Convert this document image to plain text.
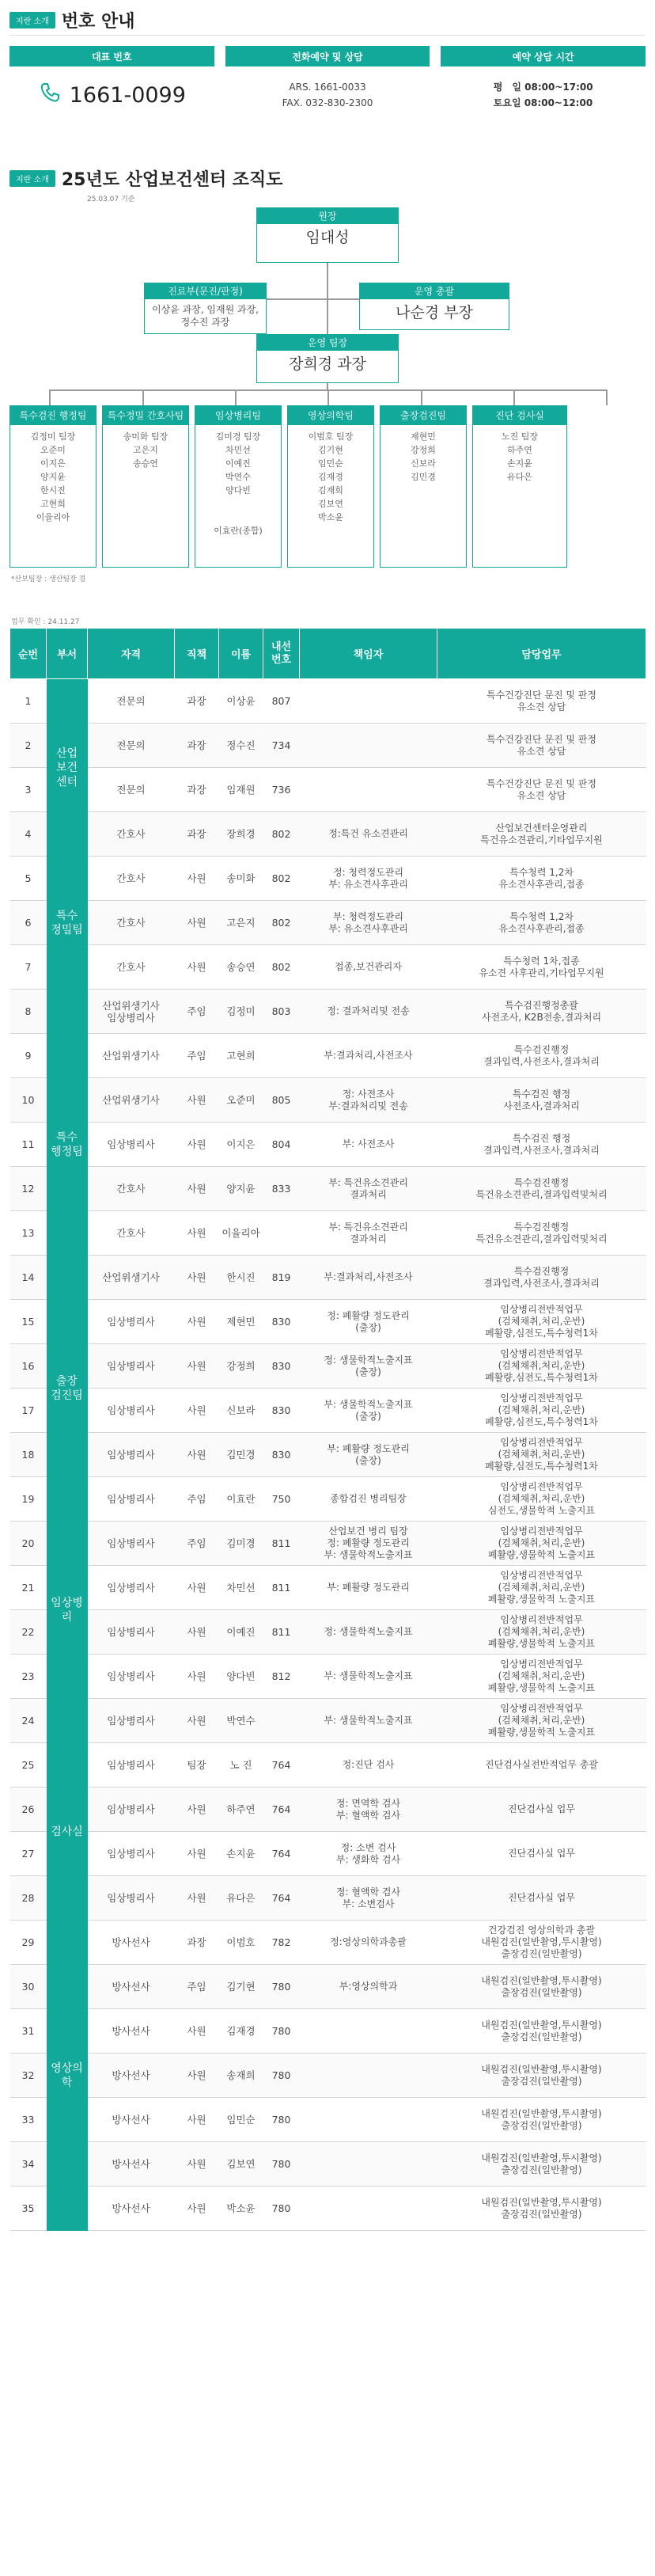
지란 소개 번호 안내
대표 번호	전화예약 및 상담	예약 상담 시간
1661-0099	ARS. 1661-0033
FAX. 032-830-2300
평　일 08:00~17:00
토요일 08:00~12:00
지란 소개 25년도 산업보건센터 조직도
25.03.07 기준
원장
임대성
진료부(문진/판정)
이상윤 과장, 임재원 과장, 정수진 과장
운영 총괄
나순경 부장
운영 팀장
장희경 과장
특수검진 행정팀
김정미 팀장
오준미
이지은
양지윤
한시진
고현희
이율리아
특수정밀 간호사팀
송미화 팀장
고은지
송승연
임상병리팀
김미경 팀장
차민선
이예진
박연수
양다빈
이효란(종합)
영상의학팀
이범호 팀장
김기현
임민순
김재경
김재희
김보연
박소윤
출장검진팀
제현민
강정희
신보라
김민경
진단 검사실
노진 팀장
하주연
손지윤
유다은
*산보팀장 : 생산팀장 겸
업무 확인 : 24.11.27
순번	부서	자격	직책	이름	내선
번호	책임자	담당업무
1	산업
보건
센터	전문의	과장	이상윤	807		특수건강진단 문진 및 판정
유소견 상담
2		전문의	과장	정수진	734		특수건강진단 문진 및 판정
유소견 상담
3		전문의	과장	임재원	736		특수건강진단 문진 및 판정
유소견 상담
4		간호사	과장	장희경	802	정:특건 유소견관리	산업보건센터운영관리
특건유소견관리,기타업무지원
5	특수
정밀팀	간호사	사원	송미화	802	정: 청력정도관리
부: 유소견사후관리	특수청력 1,2차
유소견사후관리,접종
6		간호사	사원	고은지	802	부: 청력정도관리
부: 유소견사후관리	특수청력 1,2차
유소견사후관리,접종
7		간호사	사원	송승연	802	접종,보건관리자	특수청력 1차,접종
유소견 사후관리,기타업무지원
8	특수
행정팀	산업위생기사
임상병리사	주임	김정미	803	정: 결과처리및 전송	특수검진행정총괄
사전조사, K2B전송,결과처리
9		산업위생기사	주임	고현희		부:결과처리,사전조사	특수검진행정
결과입력,사전조사,결과처리
10		산업위생기사	사원	오준미	805	정: 사전조사
부:결과처리및 전송	특수검진 행정
사전조사,결과처리
11		임상병리사	사원	이지은	804	부: 사전조사	특수검진 행정
결과입력,사전조사,결과처리
12		간호사	사원	양지윤	833	부: 특건유소견관리
결과처리	특수검진행정
특건유소견관리,결과입력및처리
13		간호사	사원	이율리아		부: 특건유소견관리
결과처리	특수검진행정
특건유소견관리,결과입력및처리
14		산업위생기사	사원	한시진	819	부:결과처리,사전조사	특수검진행정
결과입력,사전조사,결과처리
15	출장
검진팀	임상병리사	사원	제현민	830	정: 폐활량 정도관리
(출장)	임상병리전반적업무
(검체채취,처리,운반)
폐활량,심전도,특수청력1차
16		임상병리사	사원	강정희	830	정: 생물학적노출지표
(출장)	임상병리전반적업무
(검체채취,처리,운반)
폐활량,심전도,특수청력1차
17		임상병리사	사원	신보라	830	부: 생물학적노출지표
(출장)	임상병리전반적업무
(검체채취,처리,운반)
폐활량,심전도,특수청력1차
18		임상병리사	사원	김민경	830	부: 폐활량 정도관리
(출장)	임상병리전반적업무
(검체채취,처리,운반)
폐활량,심전도,특수청력1차
19	임상병리	임상병리사	주임	이효란	750	종합검진 병리팀장	임상병리전반적업무
(검체채취,처리,운반)
심전도,생물학적 노출지표
20		임상병리사	주임	김미경	811	산업보건 병리 팀장
정: 폐활량 정도관리
부: 생물학적노출지표	임상병리전반적업무
(검체채취,처리,운반)
폐활량,생물학적 노출지표
21		임상병리사	사원	차민선	811	부: 폐활량 정도관리	임상병리전반적업무
(검체채취,처리,운반)
폐활량,생물학적 노출지표
22		임상병리사	사원	이예진	811	정: 생물학적노출지표	임상병리전반적업무
(검체채취,처리,운반)
폐활량,생물학적 노출지표
23		임상병리사	사원	양다빈	812	부: 생물학적노출지표	임상병리전반적업무
(검체채취,처리,운반)
폐활량,생물학적 노출지표
24		임상병리사	사원	박연수		부: 생물학적노출지표	임상병리전반적업무
(검체채취,처리,운반)
폐활량,생물학적 노출지표
25	검사실	임상병리사	팀장	노 진	764	정:진단 검사	진단검사실전반적업무 총괄
26		임상병리사	사원	하주연	764	정: 면역학 검사
부: 혈액학 검사	진단검사실 업무
27		임상병리사	사원	손지윤	764	정: 소변 검사
부: 생화학 검사	진단검사실 업무
28		임상병리사	사원	유다은	764	정: 혈액학 검사
부: 소변검사	진단검사실 업무
29	영상의학	방사선사	과장	이범호	782	정:영상의학과총괄	건강검진 영상의학과 총괄
내원검진(일반촬영,투시촬영)
출장검진(일반촬영)
30		방사선사	주임	김기현	780	부:영상의학과	내원검진(일반촬영,투시촬영)
출장검진(일반촬영)
31		방사선사	사원	김재경	780		내원검진(일반촬영,투시촬영)
출장검진(일반촬영)
32		방사선사	사원	송재희	780		내원검진(일반촬영,투시촬영)
출장검진(일반촬영)
33		방사선사	사원	임민순	780		내원검진(일반촬영,투시촬영)
출장검진(일반촬영)
34		방사선사	사원	김보연	780		내원검진(일반촬영,투시촬영)
출장검진(일반촬영)
35		방사선사	사원	박소윤	780		내원검진(일반촬영,투시촬영)
출장검진(일반촬영)
